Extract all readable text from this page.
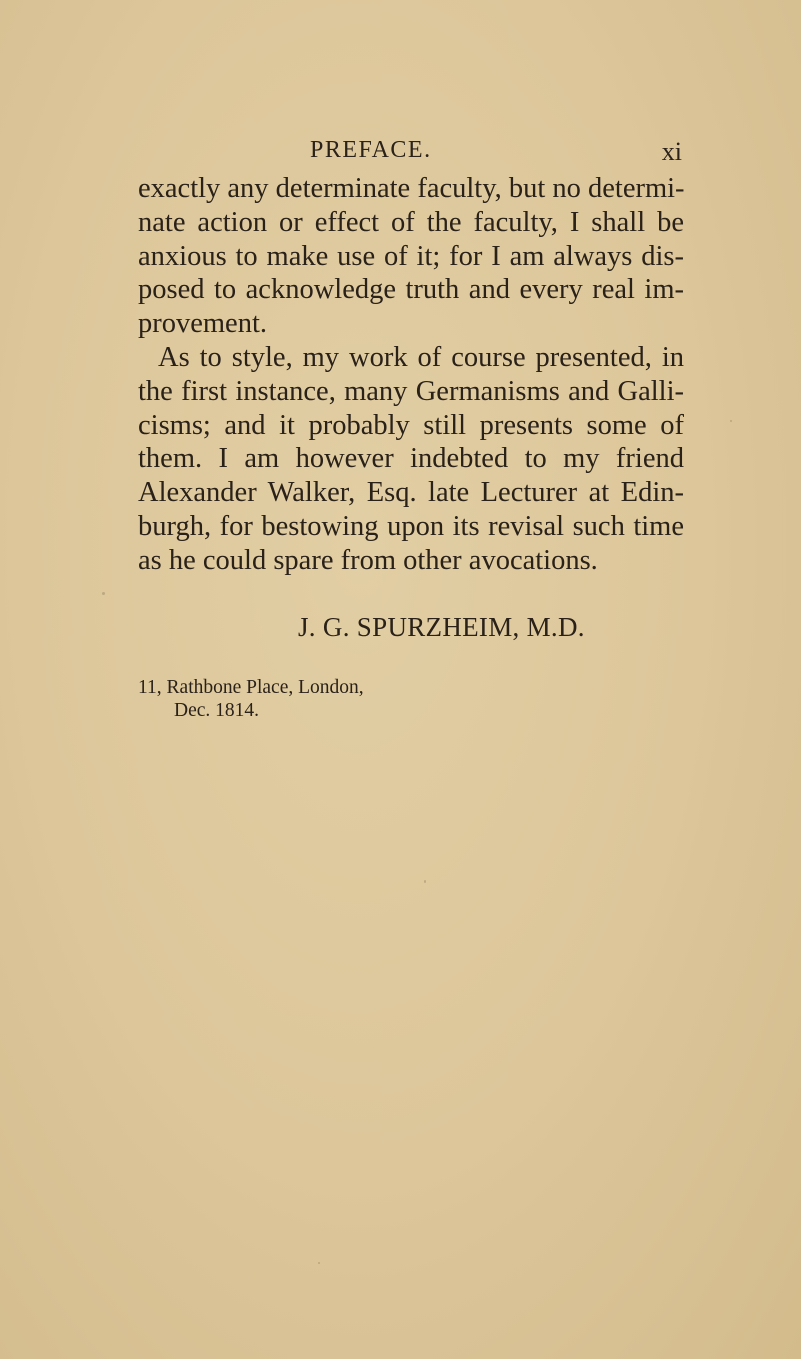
PREFACE.	xi
exactly any determinate faculty, but no determi-
nate action or effect of the faculty, I shall be
anxious to make use of it; for I am always dis-
posed to acknowledge truth and every real im-
provement.
As to style, my work of course presented, in
the first instance, many Germanisms and Galli-
cisms; and it probably still presents some of
them. I am however indebted to my friend
Alexander Walker, Esq. late Lecturer at Edin-
burgh, for bestowing upon its revisal such time
as he could spare from other avocations.
J. G. SPURZHEIM, M.D.
11, Rathbone Place, London,
Dec. 1814.
